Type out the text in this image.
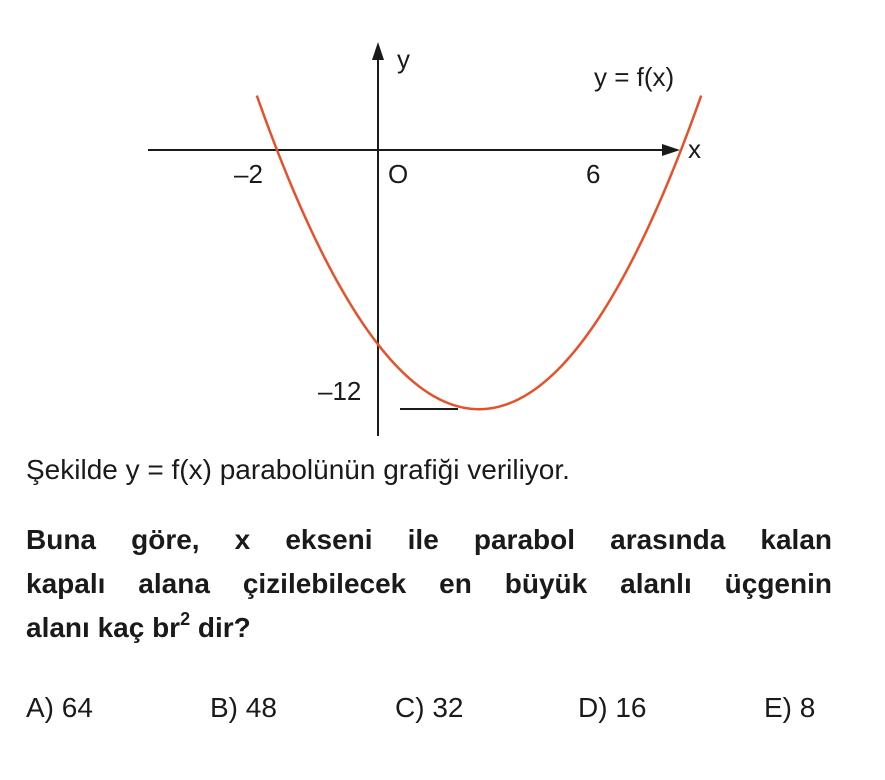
y
x
O
y = f(x)
–2	6
–12
Şekilde y = f(x) parabolünün grafiği veriliyor.
Buna göre, x ekseni ile parabol arasında kalan
kapalı alana çizilebilecek en büyük alanlı üçgenin
alanı kaç $br^2$ dir?
A) 64	B) 48	C) 32	D) 16	E) 8
